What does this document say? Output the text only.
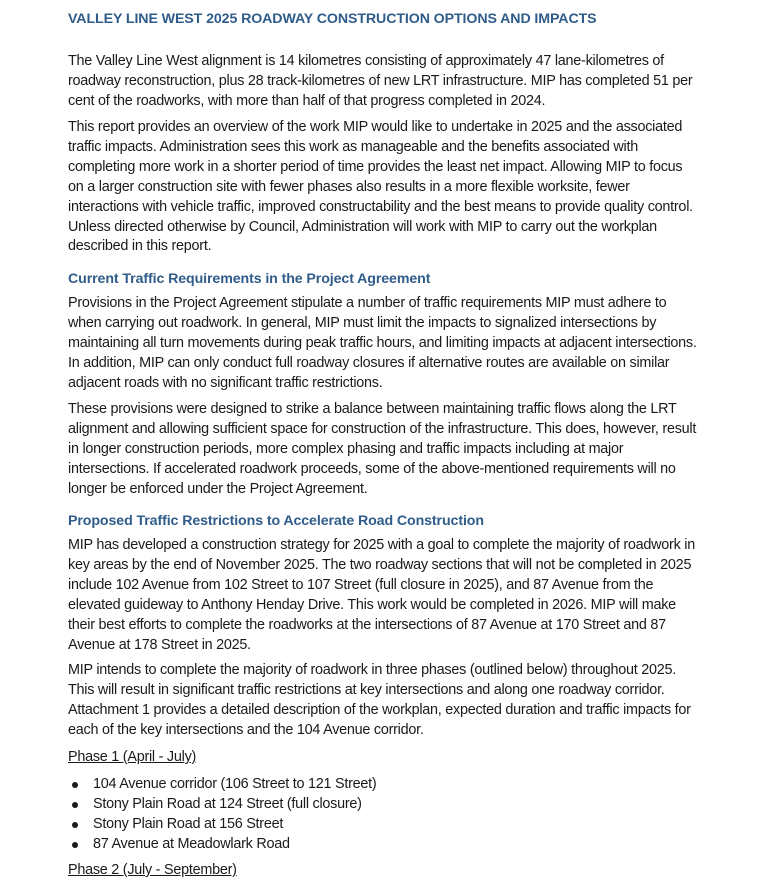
VALLEY LINE WEST 2025 ROADWAY CONSTRUCTION OPTIONS AND IMPACTS

The Valley Line West alignment is 14 kilometres consisting of approximately 47 lane-kilometres of roadway reconstruction, plus 28 track-kilometres of new LRT infrastructure. MIP has completed 51 per cent of the roadworks, with more than half of that progress completed in 2024.

This report provides an overview of the work MIP would like to undertake in 2025 and the associated traffic impacts. Administration sees this work as manageable and the benefits associated with completing more work in a shorter period of time provides the least net impact. Allowing MIP to focus on a larger construction site with fewer phases also results in a more flexible worksite, fewer interactions with vehicle traffic, improved constructability and the best means to provide quality control. Unless directed otherwise by Council, Administration will work with MIP to carry out the workplan described in this report.

Current Traffic Requirements in the Project Agreement

Provisions in the Project Agreement stipulate a number of traffic requirements MIP must adhere to when carrying out roadwork. In general, MIP must limit the impacts to signalized intersections by maintaining all turn movements during peak traffic hours, and limiting impacts at adjacent intersections. In addition, MIP can only conduct full roadway closures if alternative routes are available on similar adjacent roads with no significant traffic restrictions.

These provisions were designed to strike a balance between maintaining traffic flows along the LRT alignment and allowing sufficient space for construction of the infrastructure. This does, however, result in longer construction periods, more complex phasing and traffic impacts including at major intersections. If accelerated roadwork proceeds, some of the above-mentioned requirements will no longer be enforced under the Project Agreement.

Proposed Traffic Restrictions to Accelerate Road Construction

MIP has developed a construction strategy for 2025 with a goal to complete the majority of roadwork in key areas by the end of November 2025. The two roadway sections that will not be completed in 2025 include 102 Avenue from 102 Street to 107 Street (full closure in 2025), and 87 Avenue from the elevated guideway to Anthony Henday Drive. This work would be completed in 2026. MIP will make their best efforts to complete the roadworks at the intersections of 87 Avenue at 170 Street and 87 Avenue at 178 Street in 2025.

MIP intends to complete the majority of roadwork in three phases (outlined below) throughout 2025. This will result in significant traffic restrictions at key intersections and along one roadway corridor. Attachment 1 provides a detailed description of the workplan, expected duration and traffic impacts for each of the key intersections and the 104 Avenue corridor.

Phase 1 (April - July)

104 Avenue corridor (106 Street to 121 Street)
Stony Plain Road at 124 Street (full closure)
Stony Plain Road at 156 Street
87 Avenue at Meadowlark Road

Phase 2 (July - September)
